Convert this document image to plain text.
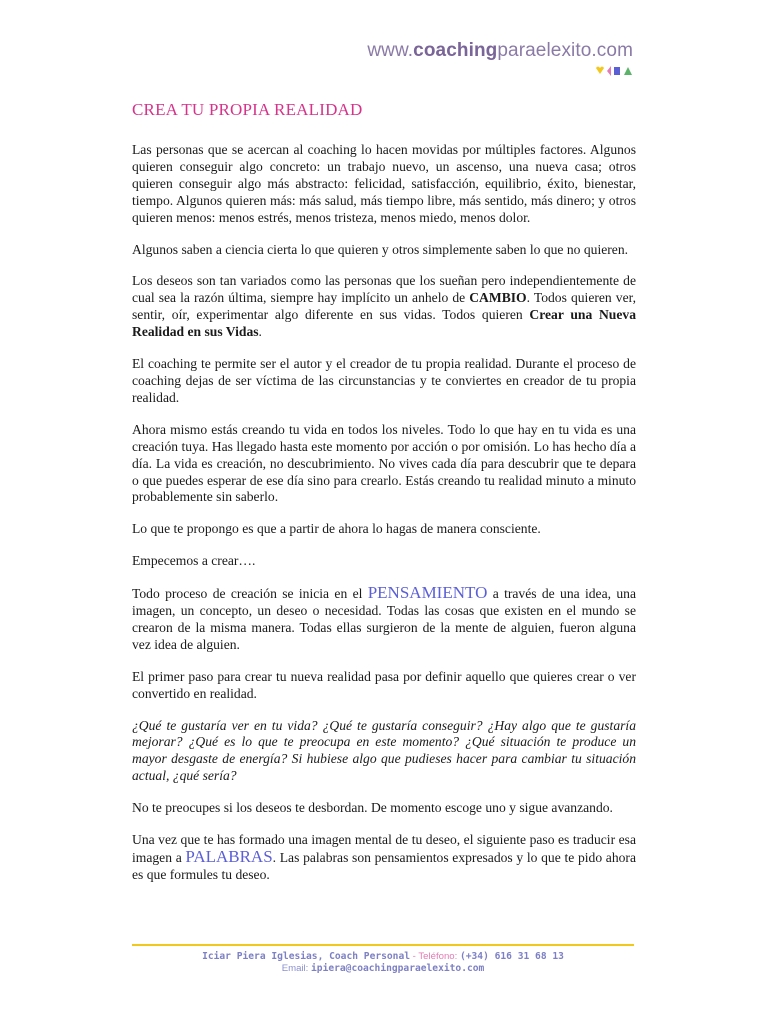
www.coachingparaelexito.com
CREA TU PROPIA REALIDAD

Las personas que se acercan al coaching lo hacen movidas por múltiples factores. Algunos quieren conseguir algo concreto: un trabajo nuevo, un ascenso, una nueva casa; otros quieren conseguir algo más abstracto: felicidad, satisfacción, equilibrio, éxito, bienestar, tiempo. Algunos quieren más: más salud, más tiempo libre, más sentido, más dinero; y otros quieren menos: menos estrés, menos tristeza, menos miedo, menos dolor.

Algunos saben a ciencia cierta lo que quieren y otros simplemente saben lo que no quieren.

Los deseos son tan variados como las personas que los sueñan pero independientemente de cual sea la razón última, siempre hay implícito un anhelo de CAMBIO. Todos quieren ver, sentir, oír, experimentar algo diferente en sus vidas. Todos quieren Crear una Nueva Realidad en sus Vidas.

El coaching te permite ser el autor y el creador de tu propia realidad. Durante el proceso de coaching dejas de ser víctima de las circunstancias y te conviertes en creador de tu propia realidad.

Ahora mismo estás creando tu vida en todos los niveles. Todo lo que hay en tu vida es una creación tuya. Has llegado hasta este momento por acción o por omisión. Lo has hecho día a día. La vida es creación, no descubrimiento. No vives cada día para descubrir que te depara o que puedes esperar de ese día sino para crearlo. Estás creando tu realidad minuto a minuto probablemente sin saberlo.

Lo que te propongo es que a partir de ahora lo hagas de manera consciente.

Empecemos a crear….

Todo proceso de creación se inicia en el PENSAMIENTO a través de una idea, una imagen, un concepto, un deseo o necesidad. Todas las cosas que existen en el mundo se crearon de la misma manera. Todas ellas surgieron de la mente de alguien, fueron alguna vez idea de alguien.

El primer paso para crear tu nueva realidad pasa por definir aquello que quieres crear o ver convertido en realidad.

¿Qué te gustaría ver en tu vida? ¿Qué te gustaría conseguir? ¿Hay algo que te gustaría mejorar? ¿Qué es lo que te preocupa en este momento? ¿Qué situación te produce un mayor desgaste de energía? Si hubiese algo que pudieses hacer para cambiar tu situación actual, ¿qué sería?

No te preocupes si los deseos te desbordan. De momento escoge uno y sigue avanzando.

Una vez que te has formado una imagen mental de tu deseo, el siguiente paso es traducir esa imagen a PALABRAS. Las palabras son pensamientos expresados y lo que te pido ahora es que formules tu deseo.

Iciar Piera Iglesias, Coach Personal - Teléfono: (+34) 616 31 68 13
Email: ipiera@coachingparaelexito.com
